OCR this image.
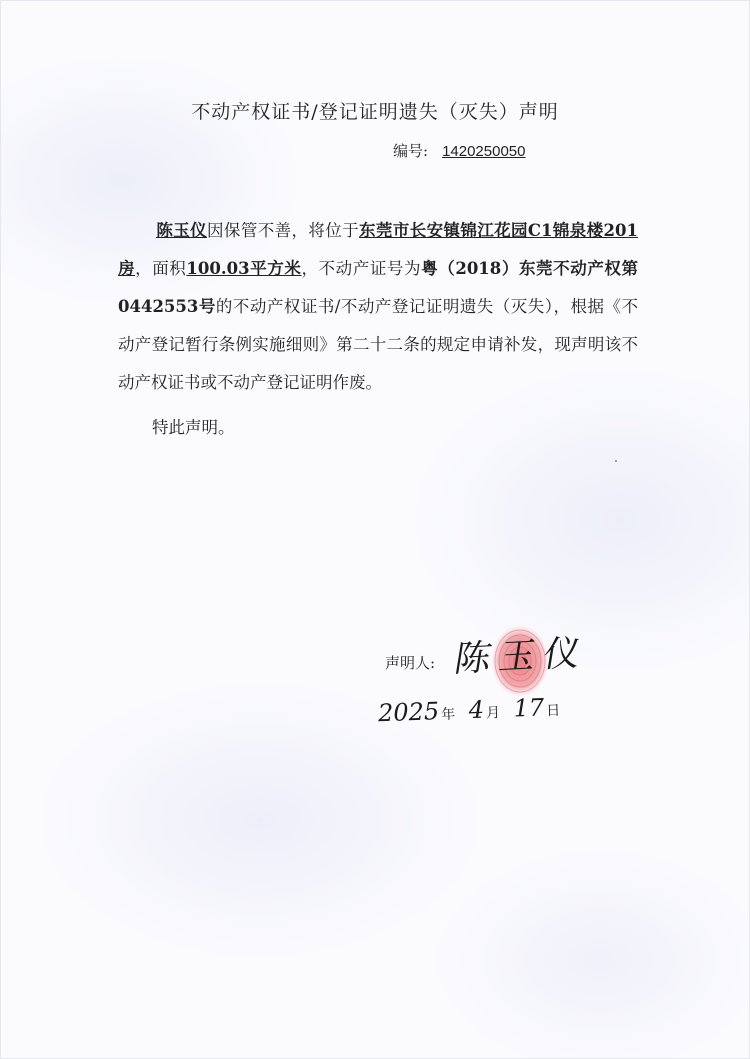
不动产权证书/登记证明遗失（灭失）声明
编号: 1420250050
陈玉仪因保管不善，将位于东莞市长安镇锦江花园C1锦泉楼201房，面积100.03平方米，不动产证号为粤（2018）东莞不动产权第0442553号的不动产权证书/不动产登记证明遗失（灭失），根据《不动产登记暂行条例实施细则》第二十二条的规定申请补发，现声明该不动产权证书或不动产登记证明作废。
特此声明。
声明人: 陈玉仪
2025年 4月 17日
